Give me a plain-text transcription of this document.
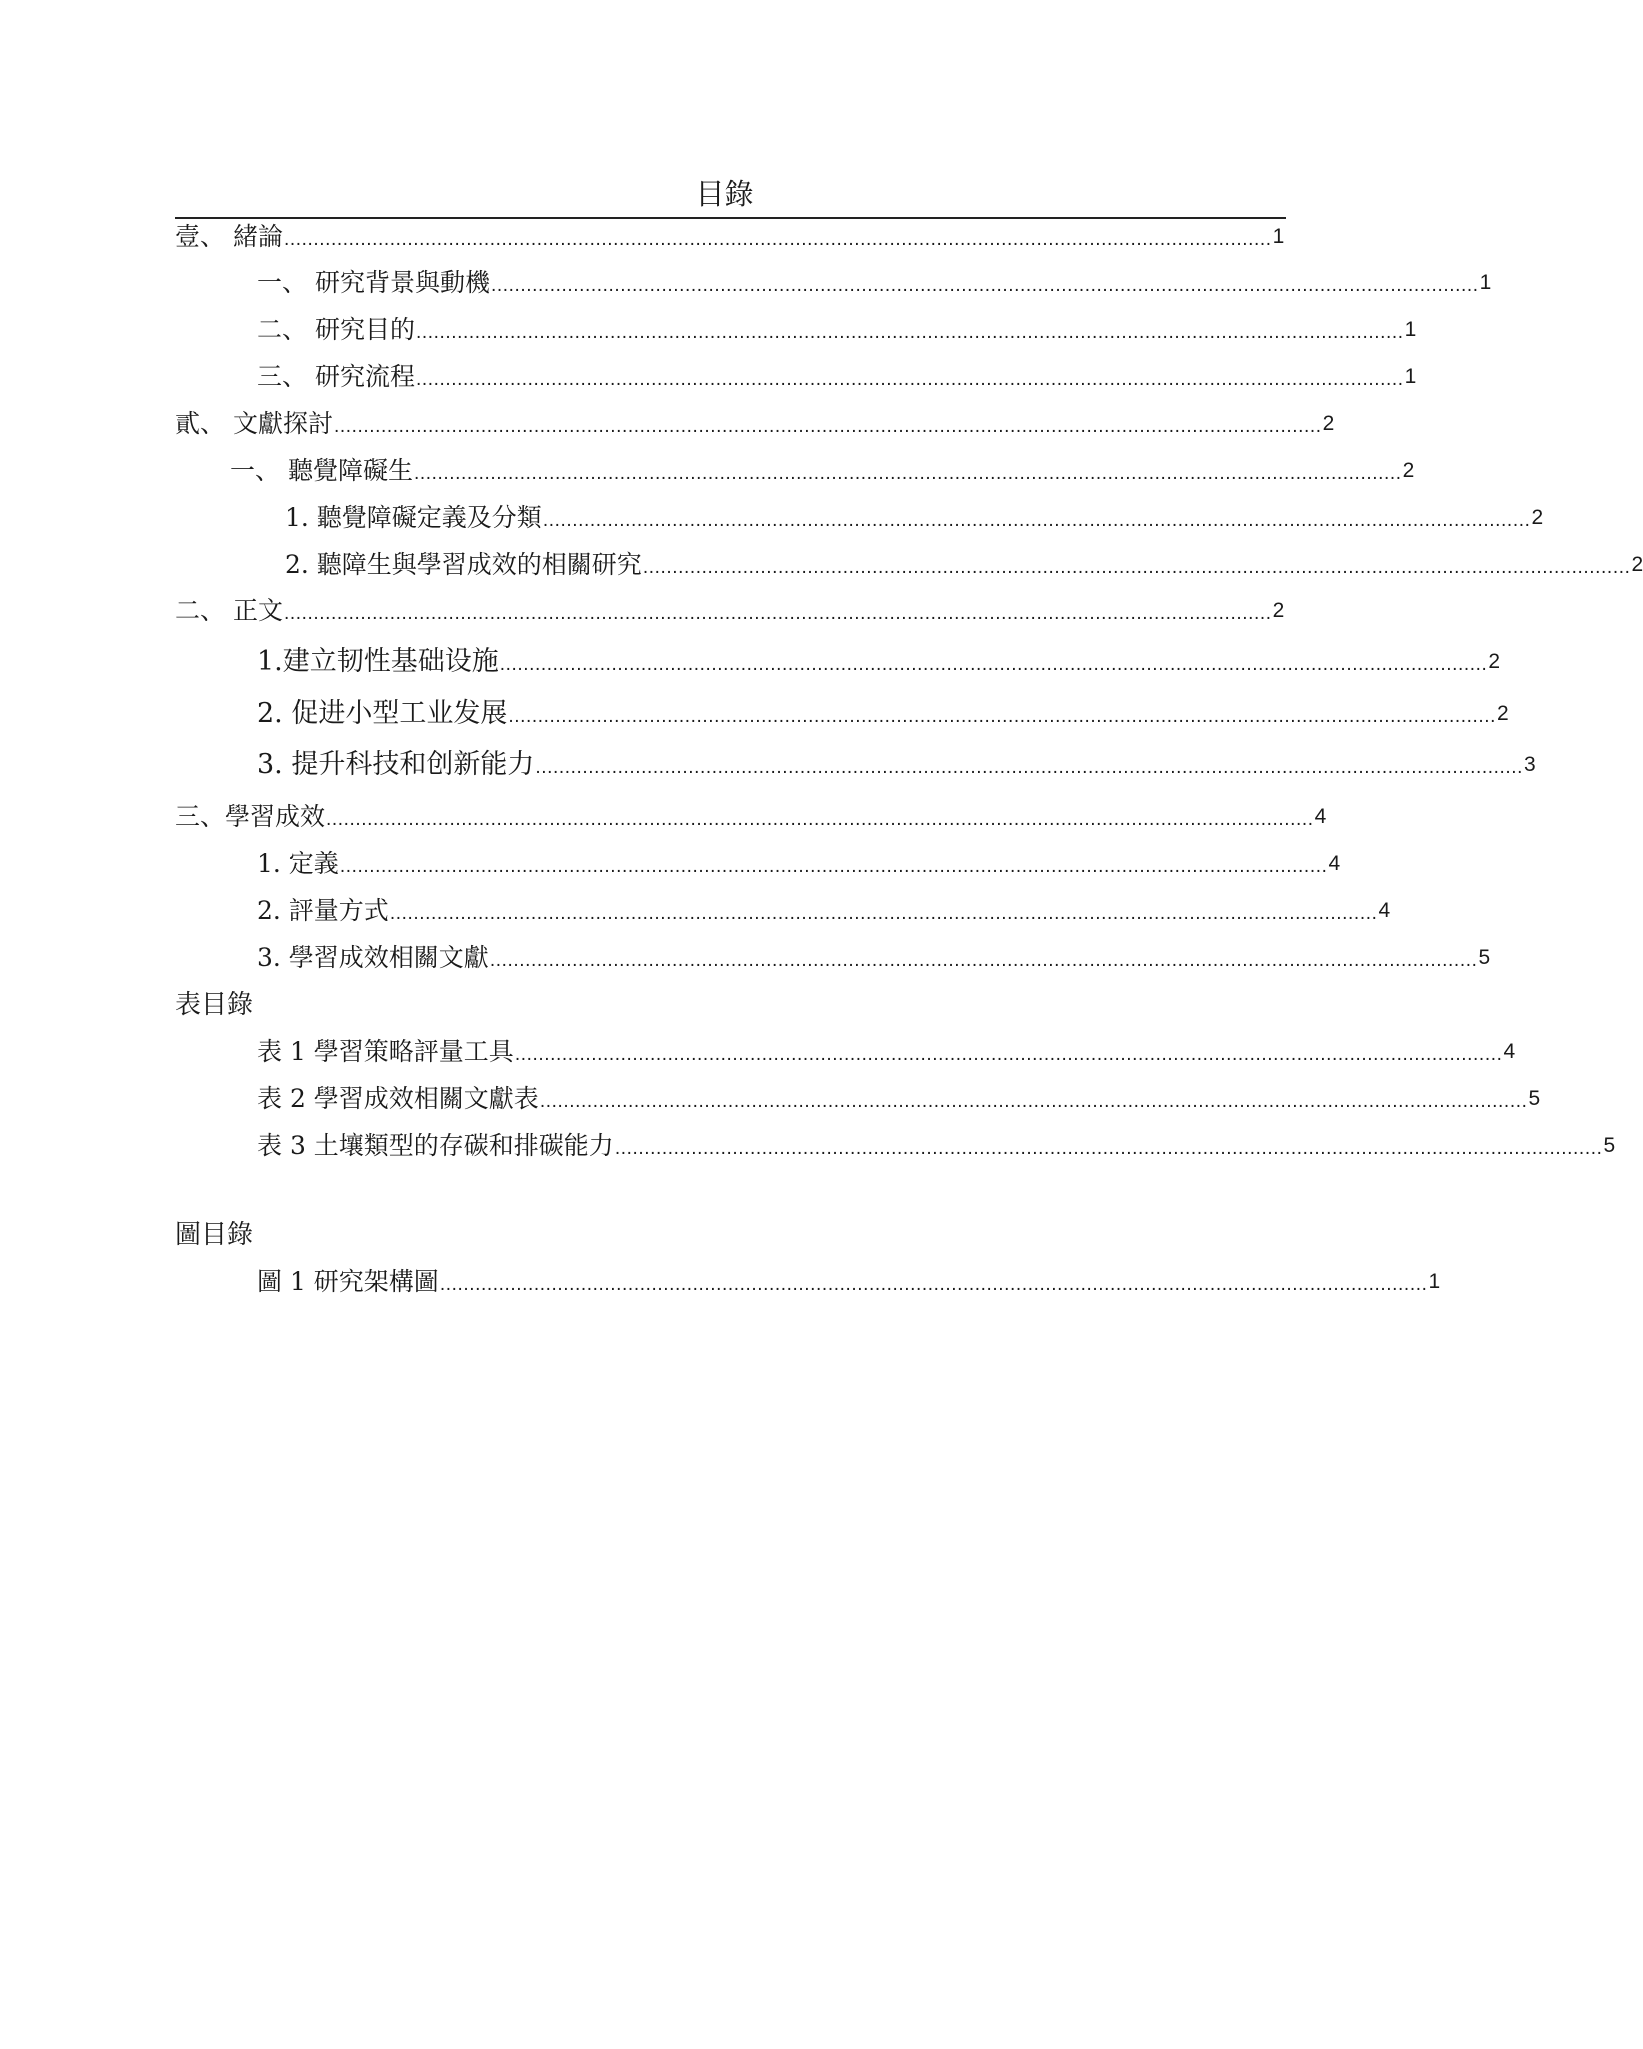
目錄
壹、 緒論 ........................................................................................................................................................................ 1
一、 研究背景與動機 ........................................................................................................................................................................ 1
二、 研究目的 ........................................................................................................................................................................ 1
三、 研究流程 ........................................................................................................................................................................ 1
貳、 文獻探討 ........................................................................................................................................................................ 2
一、 聽覺障礙生 ........................................................................................................................................................................ 2
1. 聽覺障礙定義及分類 ........................................................................................................................................................................ 2
2. 聽障生與學習成效的相關研究 ........................................................................................................................................................................ 2
二、 正文 ........................................................................................................................................................................ 2
1.建立韧性基础设施 ........................................................................................................................................................................ 2
2. 促进小型工业发展 ........................................................................................................................................................................ 2
3. 提升科技和创新能力 ........................................................................................................................................................................ 3
三、學習成效 ........................................................................................................................................................................ 4
1. 定義 ........................................................................................................................................................................ 4
2. 評量方式 ........................................................................................................................................................................ 4
3. 學習成效相關文獻 ........................................................................................................................................................................ 5
表目錄
表 1 學習策略評量工具 ........................................................................................................................................................................ 4
表 2 學習成效相關文獻表 ........................................................................................................................................................................ 5
表 3 土壤類型的存碳和排碳能力 ........................................................................................................................................................................ 5
圖目錄
圖 1 研究架構圖 ........................................................................................................................................................................ 1
